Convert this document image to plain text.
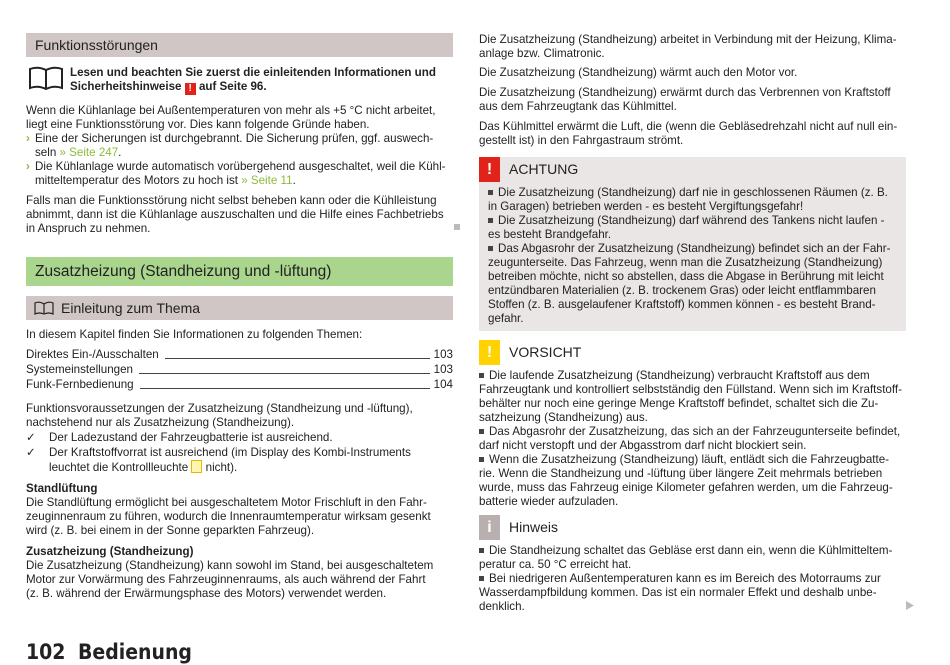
Funktionsstörungen

Lesen und beachten Sie zuerst die einleitenden Informationen und

Sicherheitshinweise ! auf Seite 96.

Wenn die Kühlanlage bei Außentemperaturen von mehr als +5 °C nicht arbeitet,

liegt eine Funktionsstörung vor. Dies kann folgende Gründe haben.

› Eine der Sicherungen ist durchgebrannt. Die Sicherung prüfen, ggf. auswech-

seln » Seite 247.

› Die Kühlanlage wurde automatisch vorübergehend ausgeschaltet, weil die Kühl-

mitteltemperatur des Motors zu hoch ist » Seite 11.

Falls man die Funktionsstörung nicht selbst beheben kann oder die Kühlleistung

abnimmt, dann ist die Kühlanlage auszuschalten und die Hilfe eines Fachbetriebs

in Anspruch zu nehmen.

Zusatzheizung (Standheizung und -lüftung)
Einleitung zum Thema

In diesem Kapitel finden Sie Informationen zu folgenden Themen:

Direktes Ein-/Ausschalten	103
Systemeinstellungen	103
Funk-Fernbedienung	104

Funktionsvoraussetzungen der Zusatzheizung (Standheizung und -lüftung),

nachstehend nur als Zusatzheizung (Standheizung).

✓	Der Ladezustand der Fahrzeugbatterie ist ausreichend.
✓	Der Kraftstoffvorrat ist ausreichend (im Display des Kombi-Instruments

leuchtet die Kontrollleuchte  nicht).

Standlüftung

Die Standlüftung ermöglicht bei ausgeschaltetem Motor Frischluft in den Fahr-

zeuginnenraum zu führen, wodurch die Innenraumtemperatur wirksam gesenkt

wird (z. B. bei einem in der Sonne geparkten Fahrzeug).

Zusatzheizung (Standheizung)

Die Zusatzheizung (Standheizung) kann sowohl im Stand, bei ausgeschaltetem

Motor zur Vorwärmung des Fahrzeuginnenraums, als auch während der Fahrt

(z. B. während der Erwärmungsphase des Motors) verwendet werden.

Die Zusatzheizung (Standheizung) arbeitet in Verbindung mit der Heizung, Klima-

anlage bzw. Climatronic.

Die Zusatzheizung (Standheizung) wärmt auch den Motor vor.

Die Zusatzheizung (Standheizung) erwärmt durch das Verbrennen von Kraftstoff

aus dem Fahrzeugtank das Kühlmittel.

Das Kühlmittel erwärmt die Luft, die (wenn die Gebläsedrehzahl nicht auf null ein-

gestellt ist) in den Fahrgastraum strömt.

!	ACHTUNG

Die Zusatzheizung (Standheizung) darf nie in geschlossenen Räumen (z. B.

in Garagen) betrieben werden - es besteht Vergiftungsgefahr!

Die Zusatzheizung (Standheizung) darf während des Tankens nicht laufen -

es besteht Brandgefahr.

Das Abgasrohr der Zusatzheizung (Standheizung) befindet sich an der Fahr-

zeugunterseite. Das Fahrzeug, wenn man die Zusatzheizung (Standheizung)

betreiben möchte, nicht so abstellen, dass die Abgase in Berührung mit leicht

entzündbaren Materialien (z. B. trockenem Gras) oder leicht entflammbaren

Stoffen (z. B. ausgelaufener Kraftstoff) kommen können - es besteht Brand-

gefahr.

!	VORSICHT

Die laufende Zusatzheizung (Standheizung) verbraucht Kraftstoff aus dem

Fahrzeugtank und kontrolliert selbstständig den Füllstand. Wenn sich im Kraftstoff-

behälter nur noch eine geringe Menge Kraftstoff befindet, schaltet sich die Zu-

satzheizung (Standheizung) aus.

Das Abgasrohr der Zusatzheizung, das sich an der Fahrzeugunterseite befindet,

darf nicht verstopft und der Abgasstrom darf nicht blockiert sein.

Wenn die Zusatzheizung (Standheizung) läuft, entlädt sich die Fahrzeugbatte-

rie. Wenn die Standheizung und -lüftung über längere Zeit mehrmals betrieben

wurde, muss das Fahrzeug einige Kilometer gefahren werden, um die Fahrzeug-

batterie wieder aufzuladen.

i	Hinweis

Die Standheizung schaltet das Gebläse erst dann ein, wenn die Kühlmitteltem-

peratur ca. 50 °C erreicht hat.

Bei niedrigeren Außentemperaturen kann es im Bereich des Motorraums zur

Wasserdampfbildung kommen. Das ist ein normaler Effekt und deshalb unbe-

denklich.

102 Bedienung
